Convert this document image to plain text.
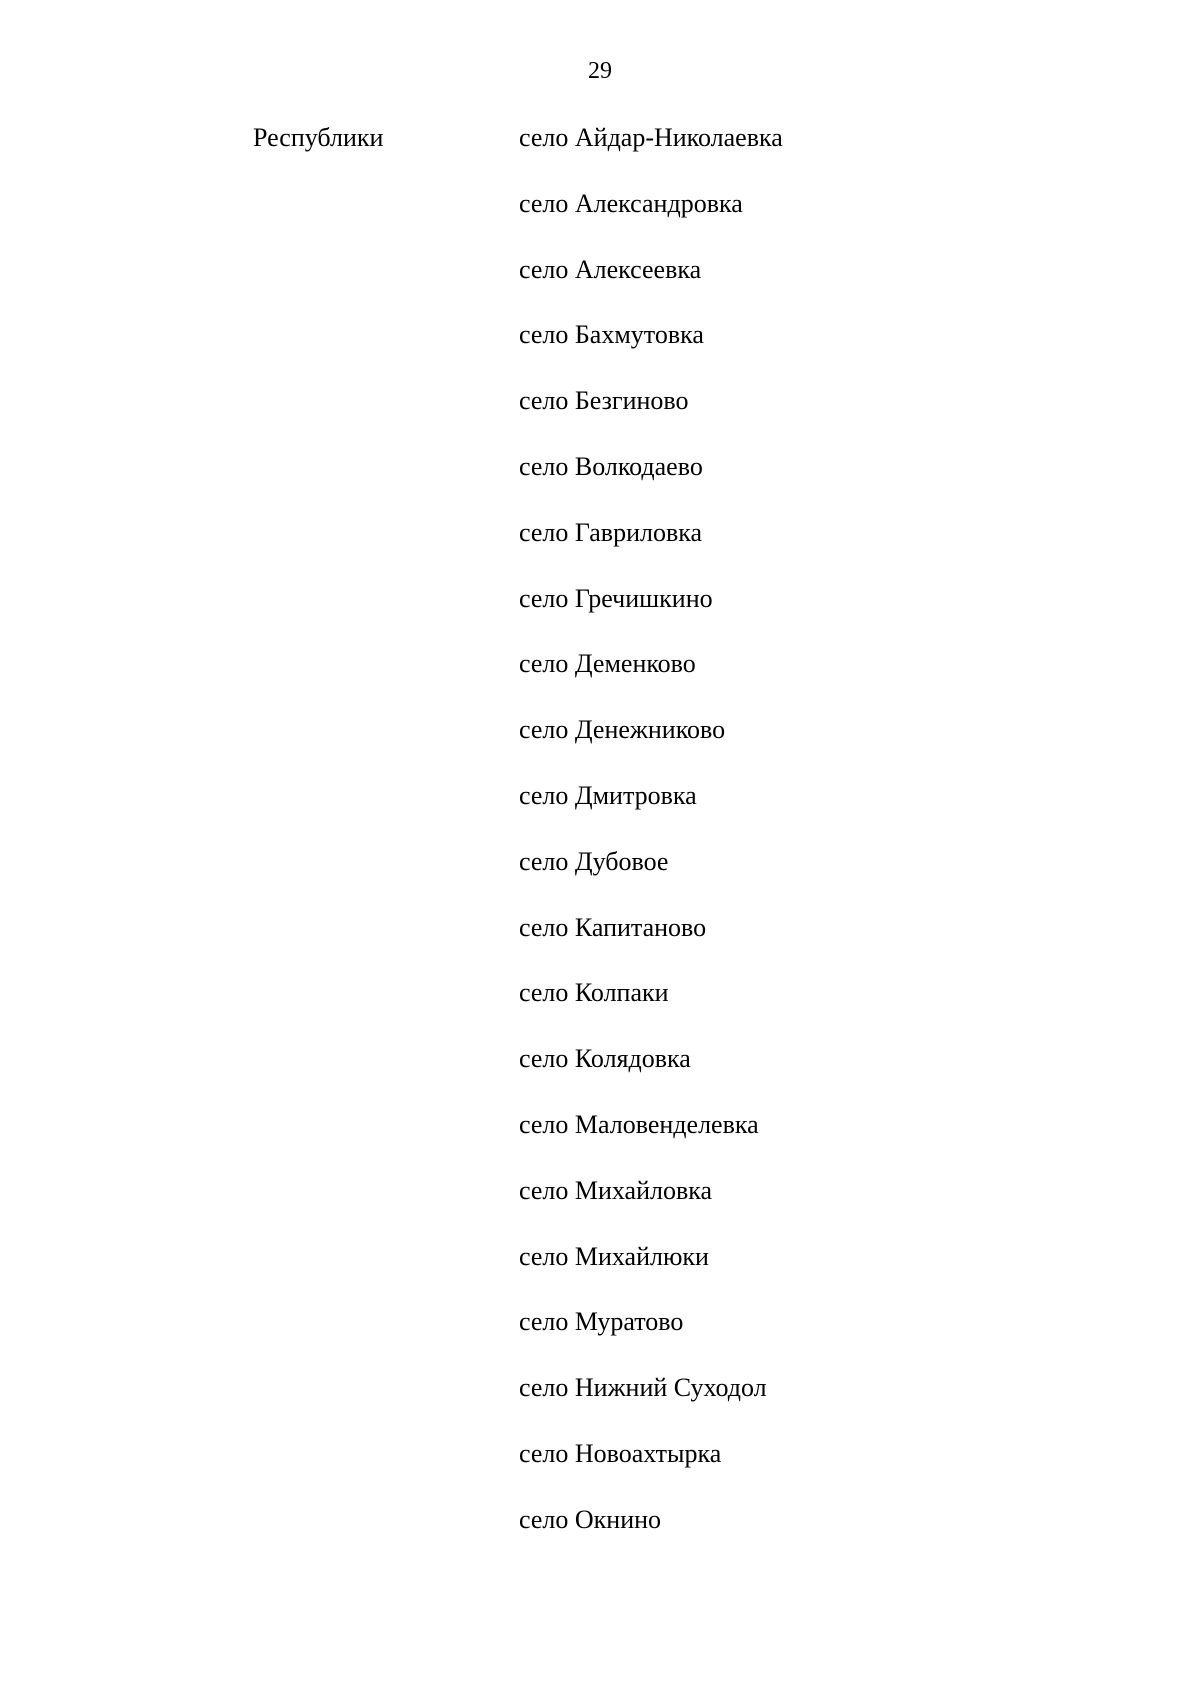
29
Республики	село Айдар-Николаевка
село Александровка
село Алексеевка
село Бахмутовка
село Безгиново
село Волкодаево
село Гавриловка
село Гречишкино
село Деменково
село Денежниково
село Дмитровка
село Дубовое
село Капитаново
село Колпаки
село Колядовка
село Маловенделевка
село Михайловка
село Михайлюки
село Муратово
село Нижний Суходол
село Новоахтырка
село Окнино
